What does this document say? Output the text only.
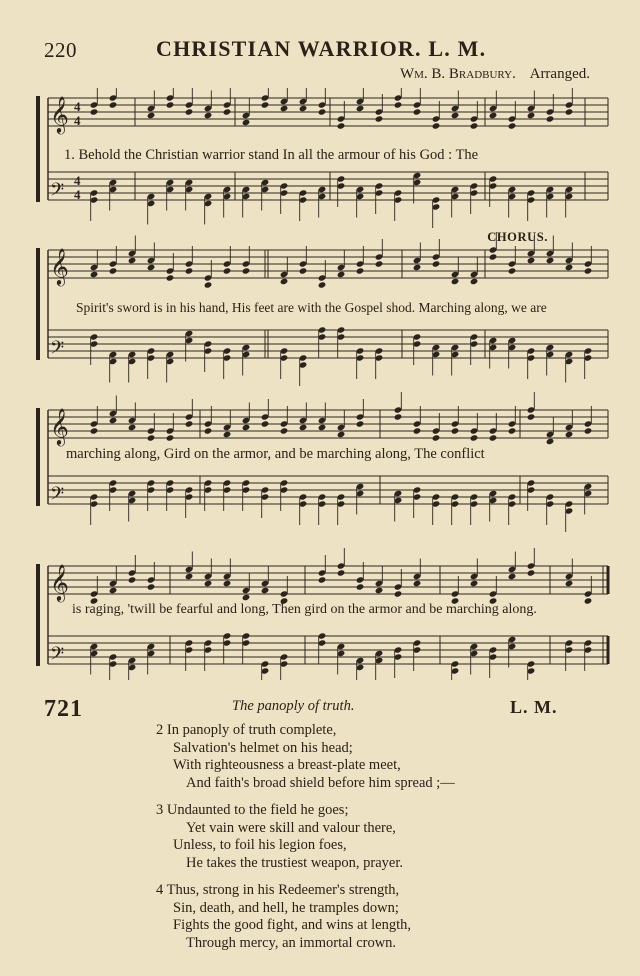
220	CHRISTIAN WARRIOR. L. M.
Wm. B. Bradbury. Arranged.
𝄞 4
4
𝄢 4
4
𝄞
𝄢
𝄞
𝄢
𝄞
𝄢
CHORUS.
1. Behold the Christian warrior stand In all the armour of his God : The
Spirit's sword is in his hand, His feet are with the Gospel shod. Marching along, we are
marching along, Gird on the armor, and be marching along, The conflict
is raging, 'twill be fearful and long, Then gird on the armor and be marching along.
721	The panoply of truth.	L. M.
2 In panoply of truth complete,
Salvation's helmet on his head;
With righteousness a breast-plate meet,
And faith's broad shield before him spread ;—
3 Undaunted to the field he goes;
Yet vain were skill and valour there,
Unless, to foil his legion foes,
He takes the trustiest weapon, prayer.
4 Thus, strong in his Redeemer's strength,
Sin, death, and hell, he tramples down;
Fights the good fight, and wins at length,
Through mercy, an immortal crown.
